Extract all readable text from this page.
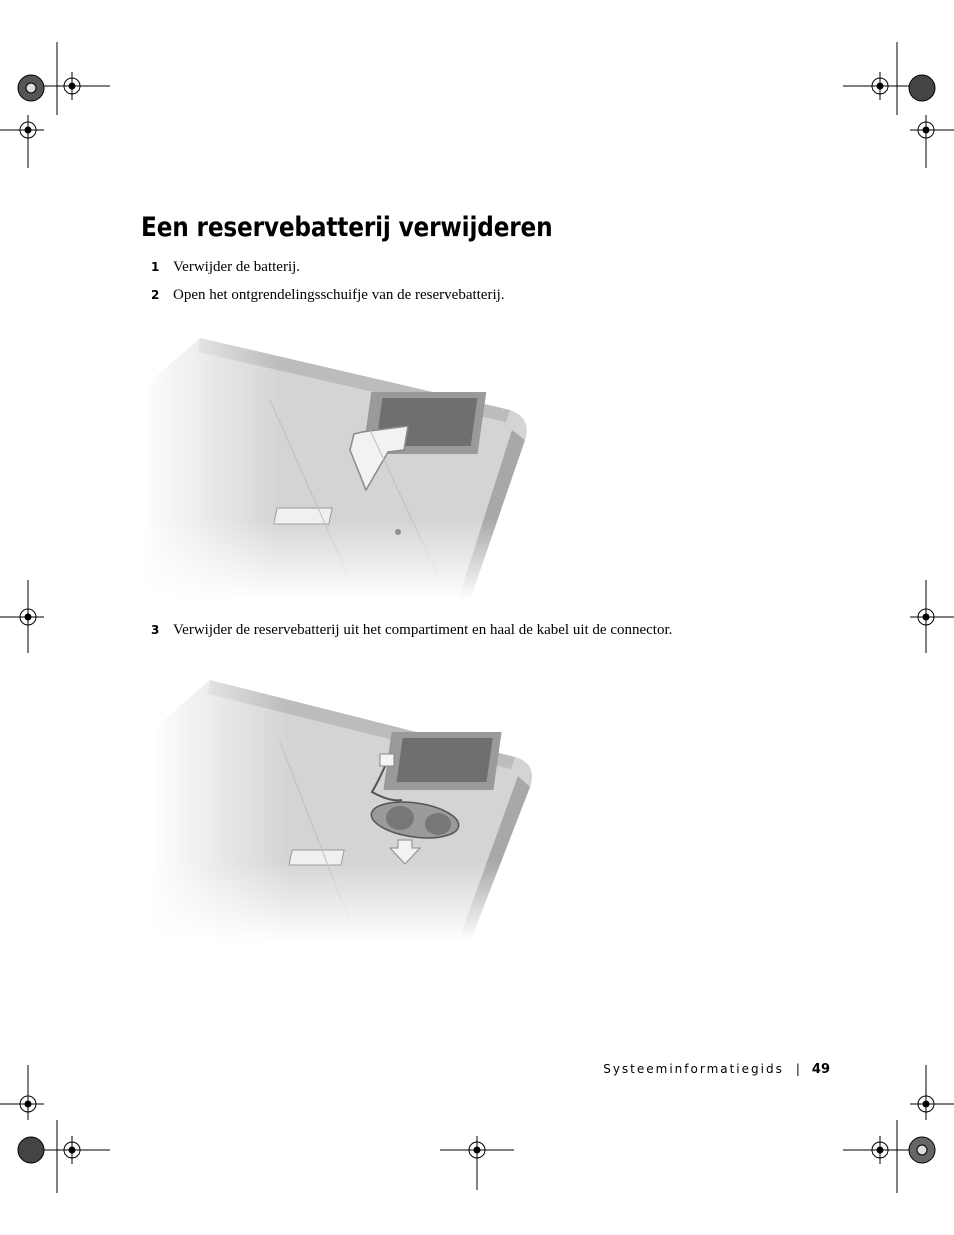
Een reservebatterij verwijderen
1 Verwijder de batterij.
2 Open het ontgrendelingsschuifje van de reservebatterij.
3 Verwijder de reservebatterij uit het compartiment en haal de kabel uit de connector.
Systeeminformatiegids | 49
